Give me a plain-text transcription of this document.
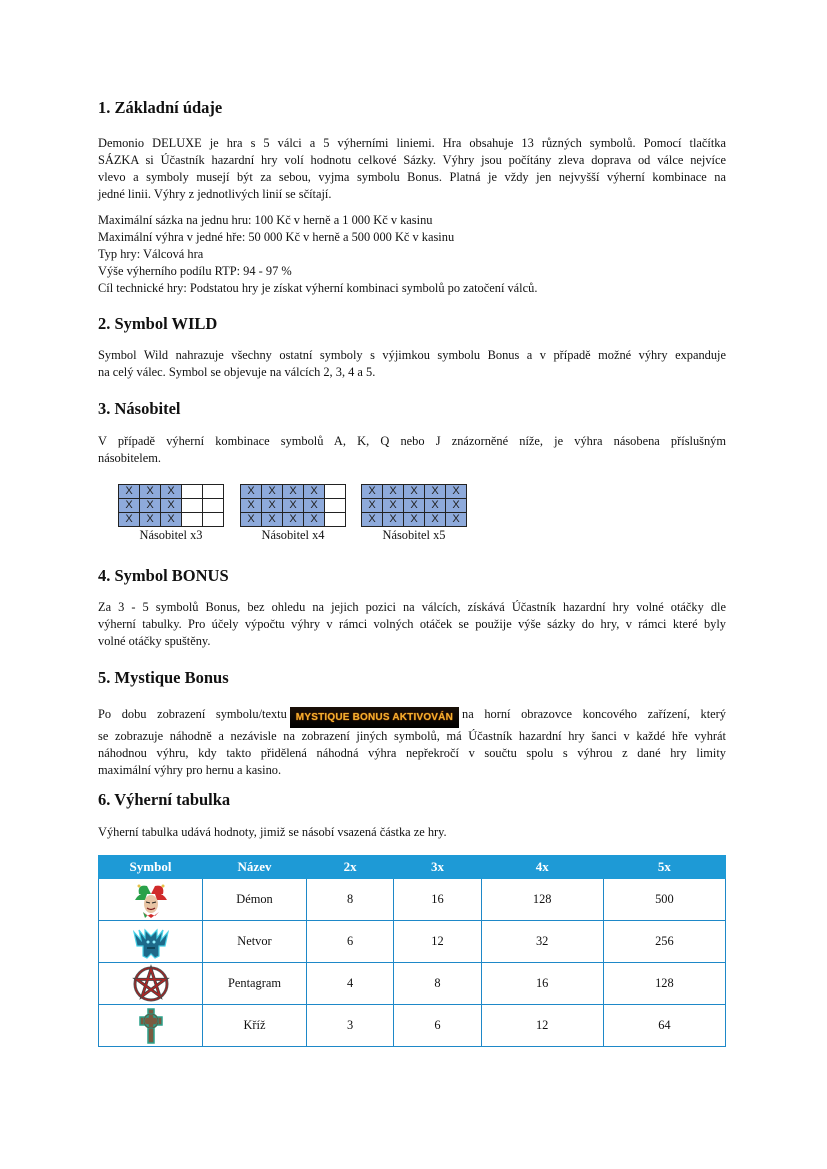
1. Základní údaje

Demonio DELUXE je hra s 5 válci a 5 výherními liniemi. Hra obsahuje 13 různých symbolů. Pomocí tlačítka
SÁZKA si Účastník hazardní hry volí hodnotu celkové Sázky. Výhry jsou počítány zleva doprava od válce nejvíce
vlevo a symboly musejí být za sebou, vyjma symbolu Bonus. Platná je vždy jen nejvyšší výherní kombinace na
jedné linii. Výhry z jednotlivých linií se sčítají.

Maximální sázka na jednu hru: 100 Kč v herně a 1 000 Kč v kasinu
Maximální výhra v jedné hře: 50 000 Kč v herně a 500 000 Kč v kasinu
Typ hry: Válcová hra
Výše výherního podílu RTP: 94 - 97 %
Cíl technické hry: Podstatou hry je získat výherní kombinaci symbolů po zatočení válců.

2. Symbol WILD

Symbol Wild nahrazuje všechny ostatní symboly s výjimkou symbolu Bonus a v případě možné výhry expanduje
na celý válec. Symbol se objevuje na válcích 2, 3, 4 a 5.

3. Násobitel

V případě výherní kombinace symbolů A, K, Q nebo J znázorněné níže, je výhra násobena příslušným
násobitelem.

X	X	X		
X	X	X		
X	X	X		
Násobitel x3
X	X	X	X	
X	X	X	X	
X	X	X	X	
Násobitel x4
X	X	X	X	X
X	X	X	X	X
X	X	X	X	X
Násobitel x5
4. Symbol BONUS

Za 3 - 5 symbolů Bonus, bez ohledu na jejich pozici na válcích, získává Účastník hazardní hry volné otáčky dle
výherní tabulky. Pro účely výpočtu výhry v rámci volných otáček se použije výše sázky do hry, v rámci které byly
volné otáčky spuštěny.

5. Mystique Bonus

Po dobu zobrazení symbolu/textu MYSTIQUE BONUS AKTIVOVÁN na horní obrazovce koncového zařízení, který
se zobrazuje náhodně a nezávisle na zobrazení jiných symbolů, má Účastník hazardní hry šanci v každé hře vyhrát
náhodnou výhru, kdy takto přidělená náhodná výhra nepřekročí v součtu spolu s výhrou z dané hry limity
maximální výhry pro hernu a kasino.

6. Výherní tabulka

Výherní tabulka udává hodnoty, jimiž se násobí vsazená částka ze hry.

Symbol	Název	2x	3x	4x	5x
	Démon	8	16	128	500
	Netvor	6	12	32	256
	Pentagram	4	8	16	128
	Kříž	3	6	12	64
